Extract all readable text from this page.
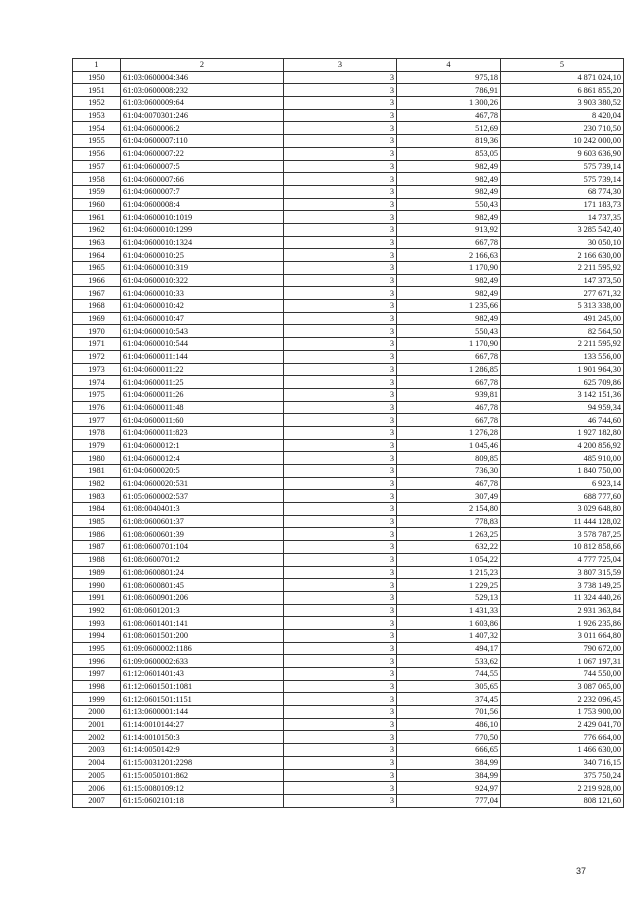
1	2	3	4	5
1950	61:03:0600004:346	3	975,18	4 871 024,10
1951	61:03:0600008:232	3	786,91	6 861 855,20
1952	61:03:0600009:64	3	1 300,26	3 903 380,52
1953	61:04:0070301:246	3	467,78	8 420,04
1954	61:04:0600006:2	3	512,69	230 710,50
1955	61:04:0600007:110	3	819,36	10 242 000,00
1956	61:04:0600007:22	3	853,05	9 603 636,90
1957	61:04:0600007:5	3	982,49	575 739,14
1958	61:04:0600007:66	3	982,49	575 739,14
1959	61:04:0600007:7	3	982,49	68 774,30
1960	61:04:0600008:4	3	550,43	171 183,73
1961	61:04:0600010:1019	3	982,49	14 737,35
1962	61:04:0600010:1299	3	913,92	3 285 542,40
1963	61:04:0600010:1324	3	667,78	30 050,10
1964	61:04:0600010:25	3	2 166,63	2 166 630,00
1965	61:04:0600010:319	3	1 170,90	2 211 595,92
1966	61:04:0600010:322	3	982,49	147 373,50
1967	61:04:0600010:33	3	982,49	277 671,32
1968	61:04:0600010:42	3	1 235,66	5 313 338,00
1969	61:04:0600010:47	3	982,49	491 245,00
1970	61:04:0600010:543	3	550,43	82 564,50
1971	61:04:0600010:544	3	1 170,90	2 211 595,92
1972	61:04:0600011:144	3	667,78	133 556,00
1973	61:04:0600011:22	3	1 286,85	1 901 964,30
1974	61:04:0600011:25	3	667,78	625 709,86
1975	61:04:0600011:26	3	939,81	3 142 151,36
1976	61:04:0600011:48	3	467,78	94 959,34
1977	61:04:0600011:60	3	667,78	46 744,60
1978	61:04:0600011:823	3	1 276,28	1 927 182,80
1979	61:04:0600012:1	3	1 045,46	4 200 856,92
1980	61:04:0600012:4	3	809,85	485 910,00
1981	61:04:0600020:5	3	736,30	1 840 750,00
1982	61:04:0600020:531	3	467,78	6 923,14
1983	61:05:0600002:537	3	307,49	688 777,60
1984	61:08:0040401:3	3	2 154,80	3 029 648,80
1985	61:08:0600601:37	3	778,83	11 444 128,02
1986	61:08:0600601:39	3	1 263,25	3 578 787,25
1987	61:08:0600701:104	3	632,22	10 812 858,66
1988	61:08:0600701:2	3	1 054,22	4 777 725,04
1989	61:08:0600801:24	3	1 215,23	3 807 315,59
1990	61:08:0600801:45	3	1 229,25	3 738 149,25
1991	61:08:0600901:206	3	529,13	11 324 440,26
1992	61:08:0601201:3	3	1 431,33	2 931 363,84
1993	61:08:0601401:141	3	1 603,86	1 926 235,86
1994	61:08:0601501:200	3	1 407,32	3 011 664,80
1995	61:09:0600002:1186	3	494,17	790 672,00
1996	61:09:0600002:633	3	533,62	1 067 197,31
1997	61:12:0601401:43	3	744,55	744 550,00
1998	61:12:0601501:1081	3	305,65	3 087 065,00
1999	61:12:0601501:1151	3	374,45	2 232 096,45
2000	61:13:0600001:144	3	701,56	1 753 900,00
2001	61:14:0010144:27	3	486,10	2 429 041,70
2002	61:14:0010150:3	3	770,50	776 664,00
2003	61:14:0050142:9	3	666,65	1 466 630,00
2004	61:15:0031201:2298	3	384,99	340 716,15
2005	61:15:0050101:862	3	384,99	375 750,24
2006	61:15:0080109:12	3	924,97	2 219 928,00
2007	61:15:0602101:18	3	777,04	808 121,60
37
